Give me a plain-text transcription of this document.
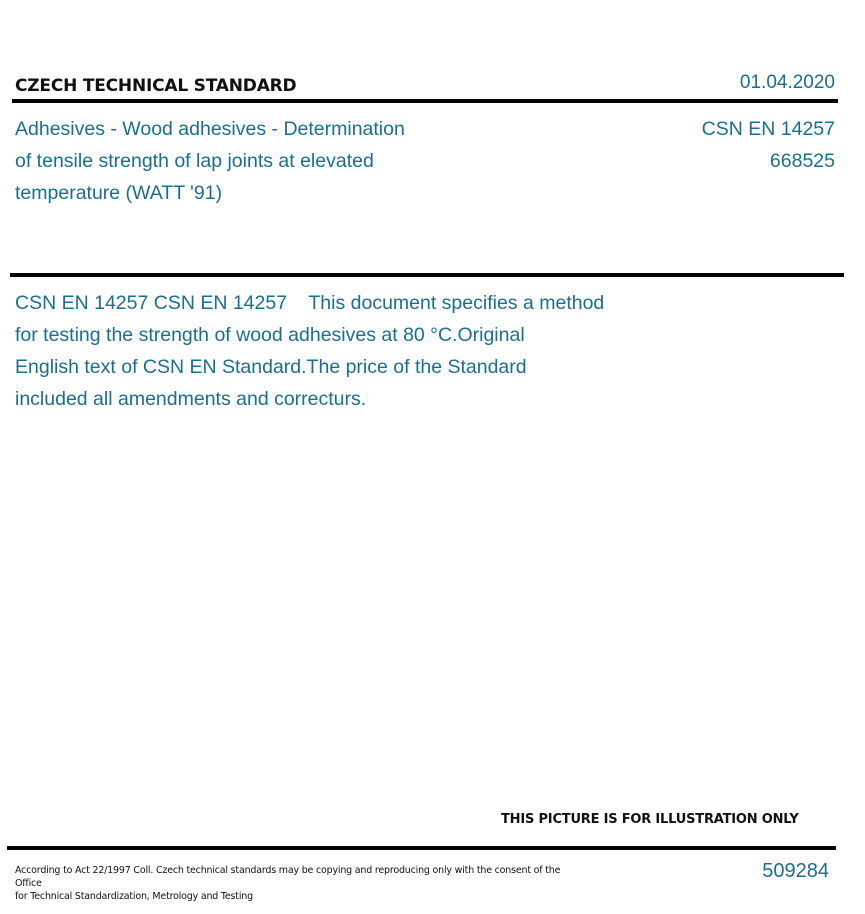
CZECH TECHNICAL STANDARD	01.04.2020
Adhesives - Wood adhesives - Determination
of tensile strength of lap joints at elevated
temperature (WATT '91)
CSN EN 14257
668525
CSN EN 14257 CSN EN 14257    This document specifies a method
for testing the strength of wood adhesives at 80 °C.Original
English text of CSN EN Standard.The price of the Standard
included all amendments and correcturs.
THIS PICTURE IS FOR ILLUSTRATION ONLY
According to Act 22/1997 Coll. Czech technical standards may be copying and reproducing only with the consent of the Office
for Technical Standardization, Metrology and Testing
509284
